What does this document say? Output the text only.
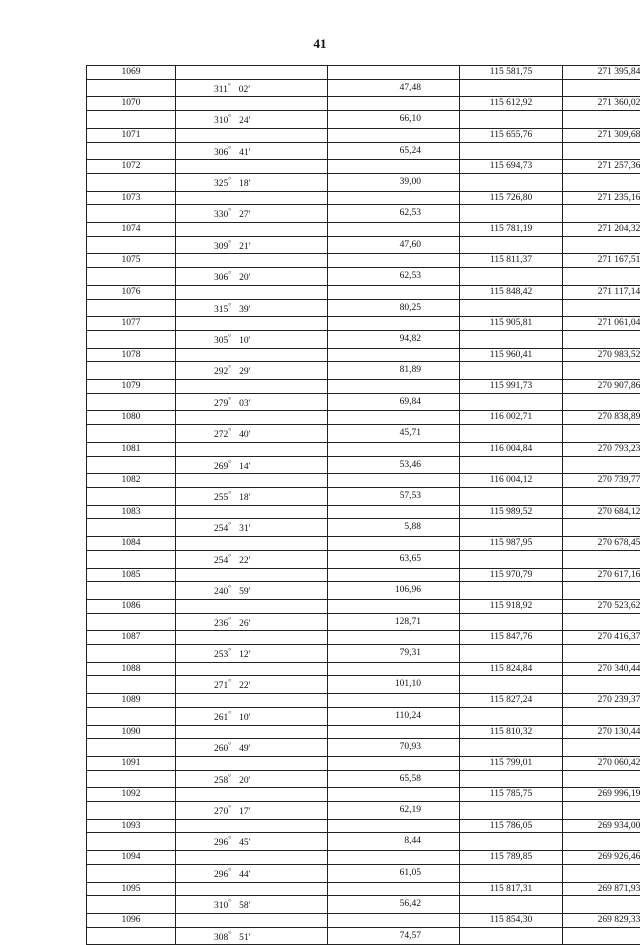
41
1069			115 581,75	271 395,84
	311° 02′	47,48		
1070			115 612,92	271 360,02
	310° 24′	66,10		
1071			115 655,76	271 309,68
	306° 41′	65,24		
1072			115 694,73	271 257,36
	325° 18′	39,00		
1073			115 726,80	271 235,16
	330° 27′	62,53		
1074			115 781,19	271 204,32
	309° 21′	47,60		
1075			115 811,37	271 167,51
	306° 20′	62,53		
1076			115 848,42	271 117,14
	315° 39′	80,25		
1077			115 905,81	271 061,04
	305° 10′	94,82		
1078			115 960,41	270 983,52
	292° 29′	81,89		
1079			115 991,73	270 907,86
	279° 03′	69,84		
1080			116 002,71	270 838,89
	272° 40′	45,71		
1081			116 004,84	270 793,23
	269° 14′	53,46		
1082			116 004,12	270 739,77
	255° 18′	57,53		
1083			115 989,52	270 684,12
	254° 31′	5,88		
1084			115 987,95	270 678,45
	254° 22′	63,65		
1085			115 970,79	270 617,16
	240° 59′	106,96		
1086			115 918,92	270 523,62
	236° 26′	128,71		
1087			115 847,76	270 416,37
	253° 12′	79,31		
1088			115 824,84	270 340,44
	271° 22′	101,10		
1089			115 827,24	270 239,37
	261° 10′	110,24		
1090			115 810,32	270 130,44
	260° 49′	70,93		
1091			115 799,01	270 060,42
	258° 20′	65,58		
1092			115 785,75	269 996,19
	270° 17′	62,19		
1093			115 786,05	269 934,00
	296° 45′	8,44		
1094			115 789,85	269 926,46
	296° 44′	61,05		
1095			115 817,31	269 871,93
	310° 58′	56,42		
1096			115 854,30	269 829,33
	308° 51′	74,57		
